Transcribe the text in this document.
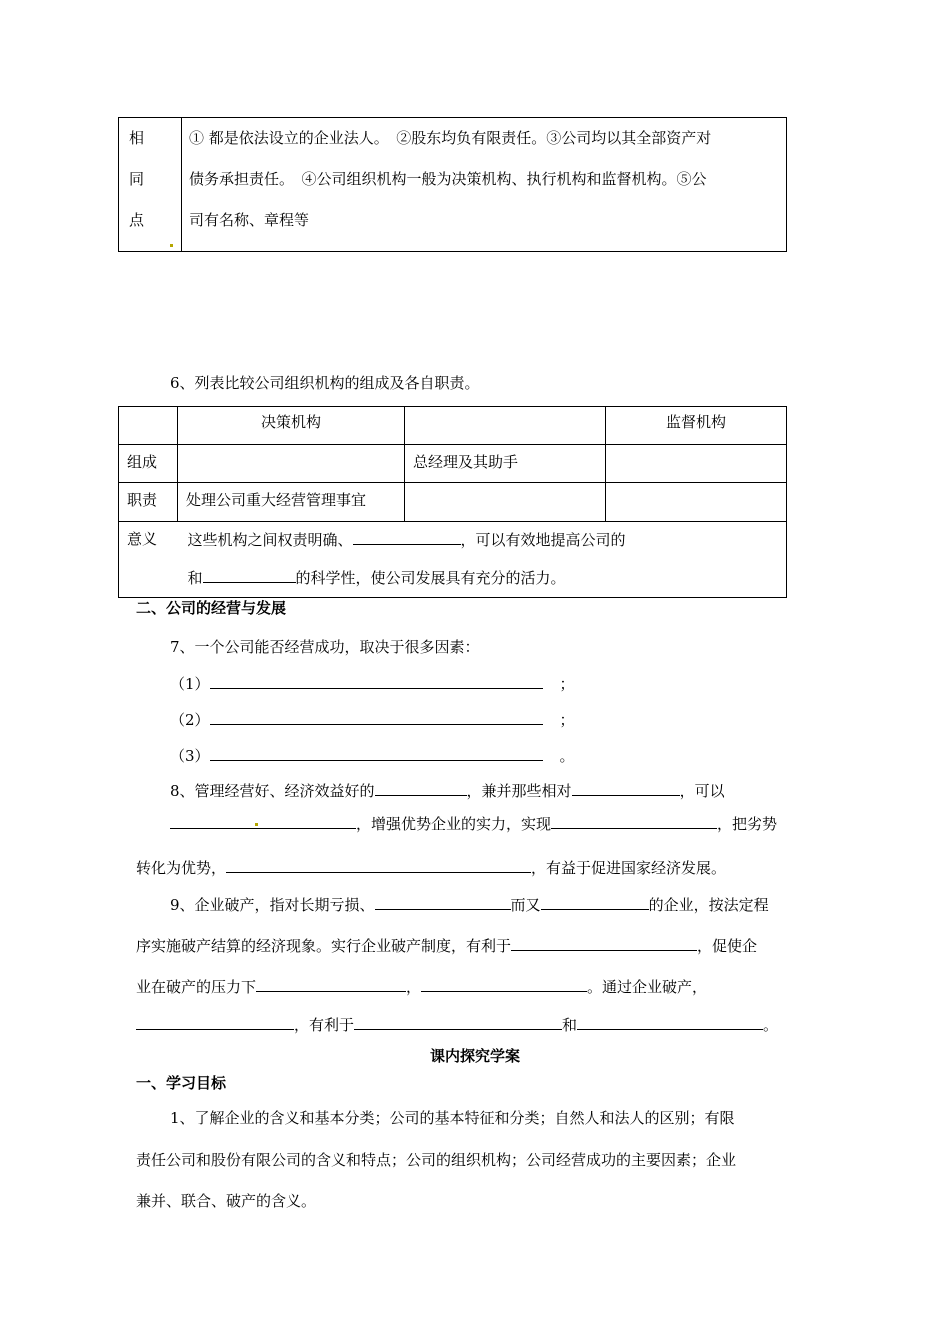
相
同
点

① 都是依法设立的企业法人。　②股东均负有限责任。③公司均以其全部资产对
债务承担责任。　④公司组织机构一般为决策机构、执行机构和监督机构。⑤公
司有名称、章程等
6、列表比较公司组织机构的组成及各自职责。
	决策机构		监督机构
组成		总经理及其助手	
职责	处理公司重大经营管理事宜		
意义	这些机构之间权责明确、 ，可以有效地提高公司的
和 的科学性，使公司发展具有充分的活力。		
二、公司的经营与发展
7、一个公司能否经营成功，取决于很多因素：
（1）	；
（2）	；
（3）	。
8、管理经营好、经济效益好的	，兼并那些相对	，可以
，增强优势企业的实力，实现	，把劣势
转化为优势，	，有益于促进国家经济发展。
9、企业破产，指对长期亏损、	而又	的企业，按法定程
序实施破产结算的经济现象。实行企业破产制度，有利于	，促使企
业在破产的压力下	，	。通过企业破产，
，有利于	和	。
课内探究学案
一、学习目标
1、了解企业的含义和基本分类；公司的基本特征和分类；自然人和法人的区别；有限
责任公司和股份有限公司的含义和特点；公司的组织机构；公司经营成功的主要因素；企业
兼并、联合、破产的含义。
